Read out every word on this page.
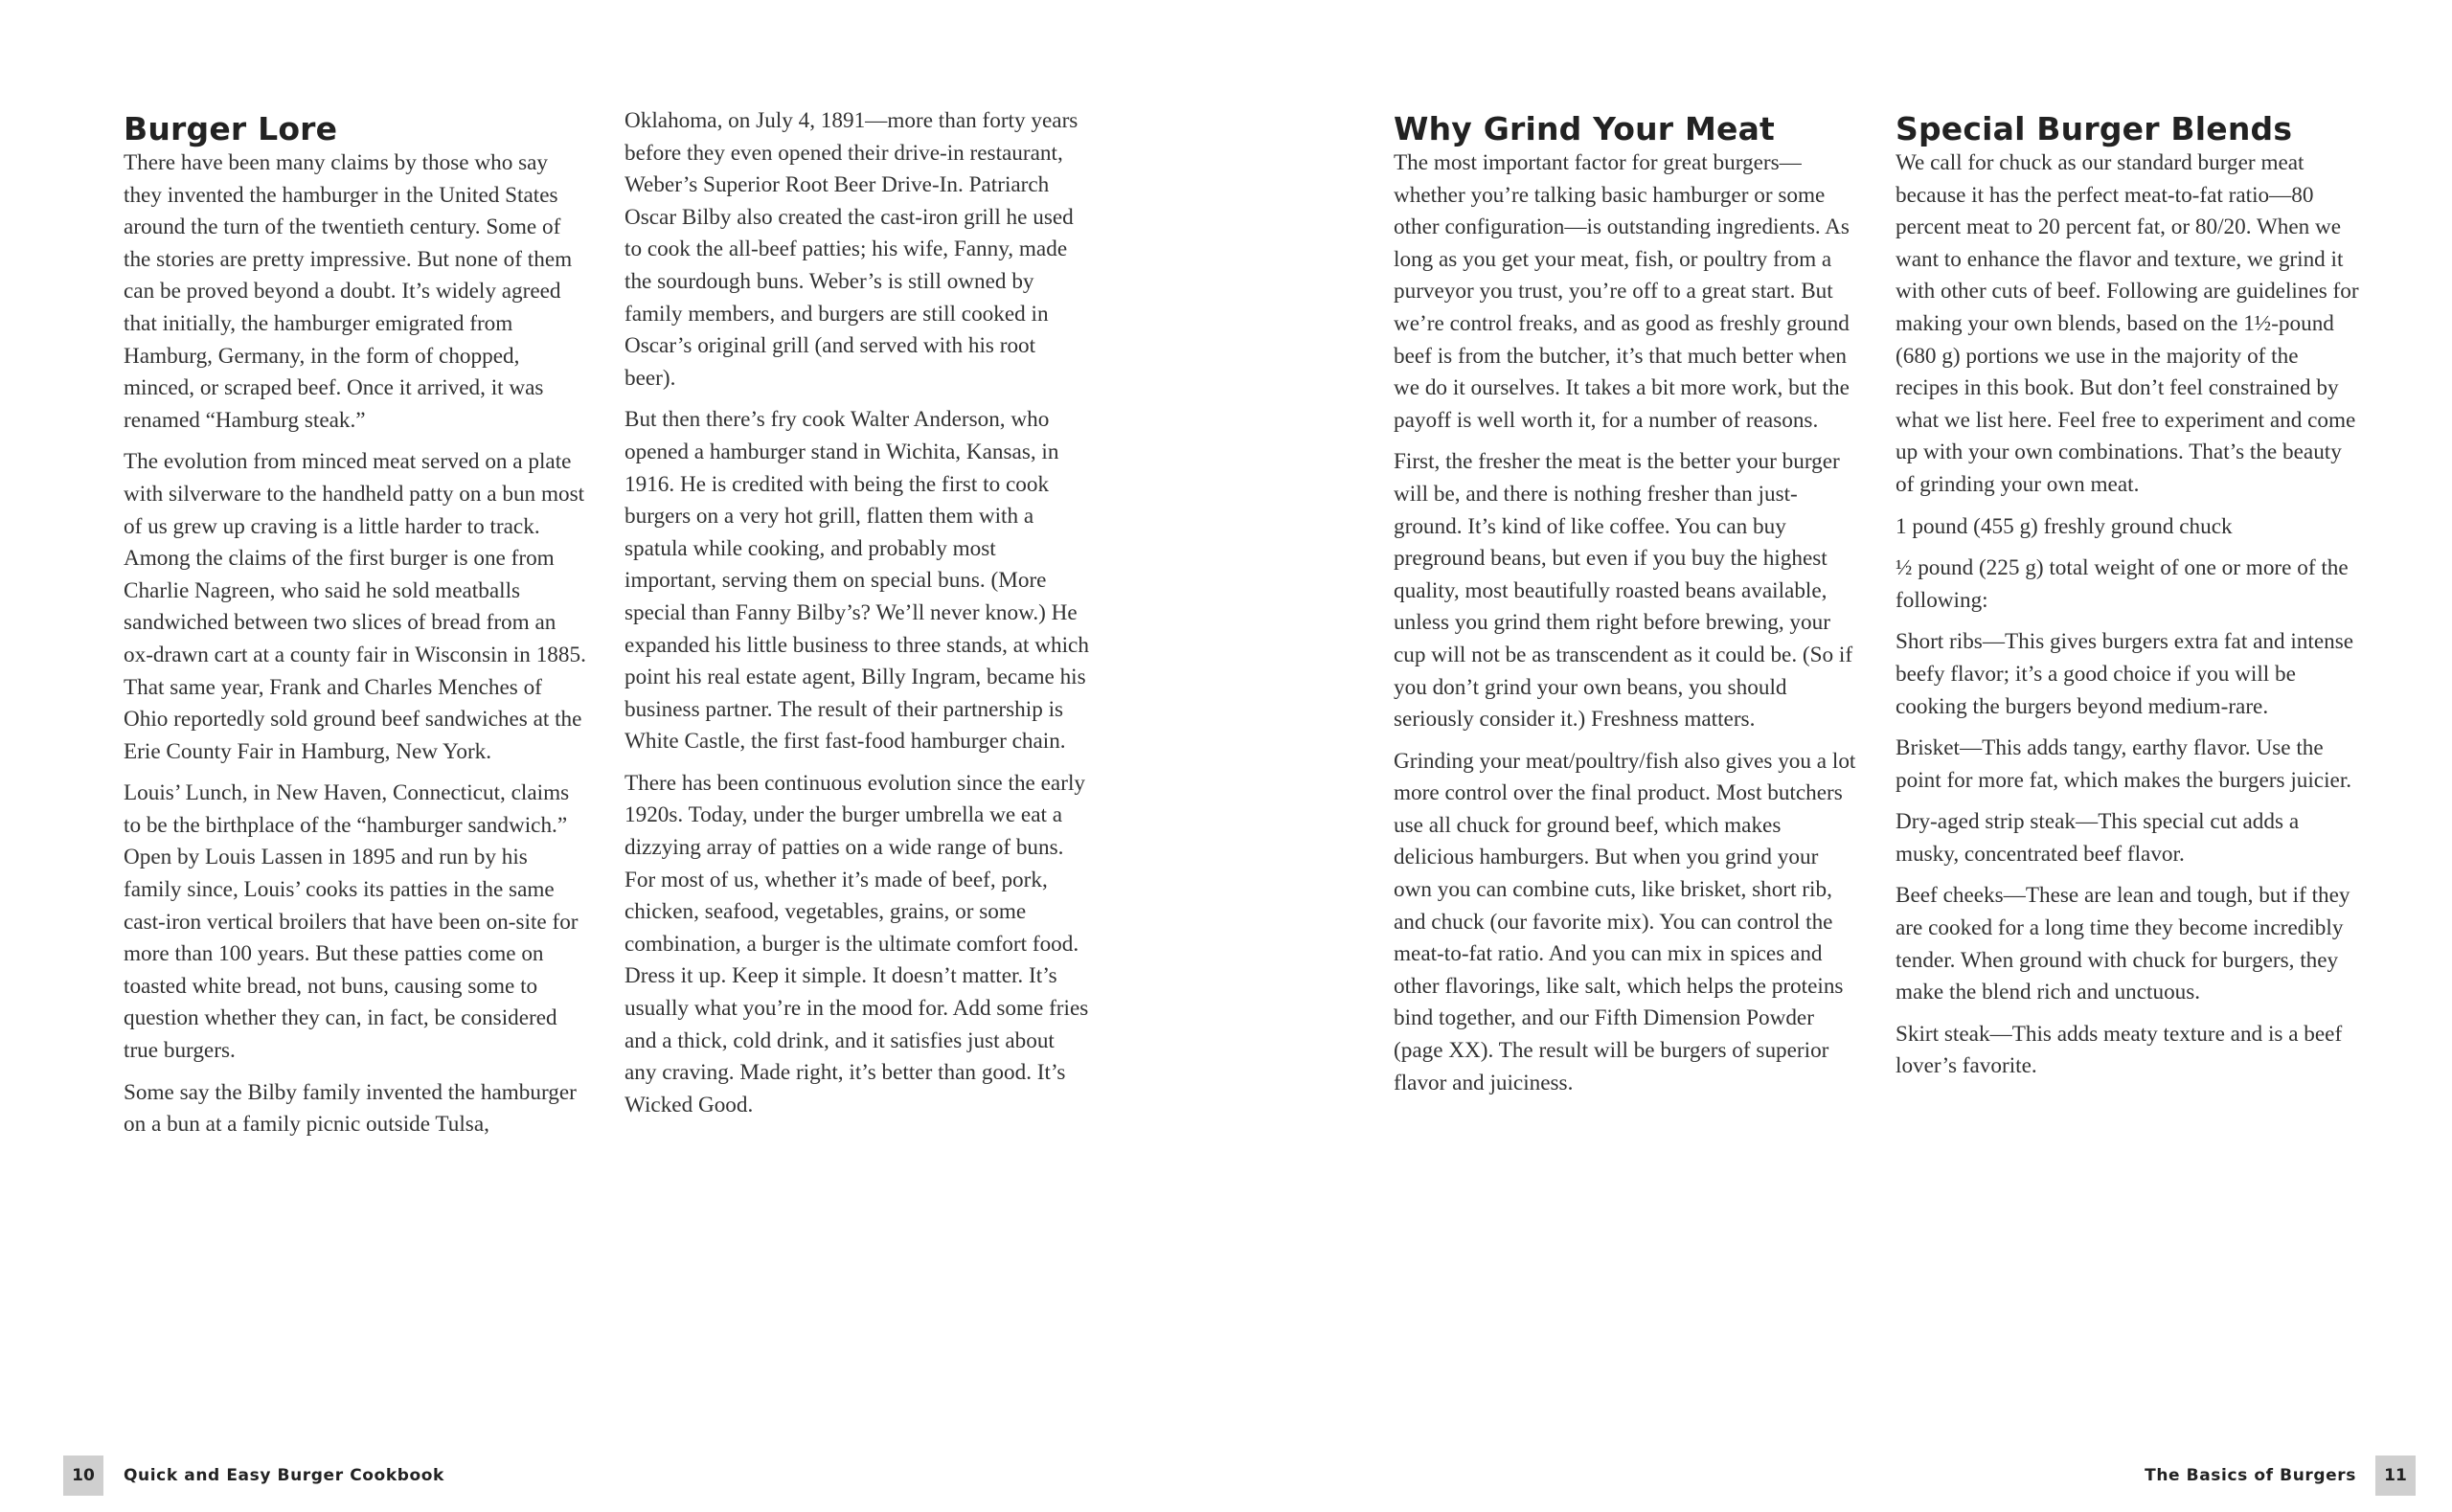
Burger Lore

There have been many claims by those who say they invented the hamburger in the United States around the turn of the twentieth century. Some of the stories are pretty impressive. But none of them can be proved beyond a doubt. It’s widely agreed that initially, the hamburger emigrated from Hamburg, Germany, in the form of chopped, minced, or scraped beef. Once it arrived, it was renamed “Hamburg steak.”

The evolution from minced meat served on a plate with silverware to the handheld patty on a bun most of us grew up craving is a little harder to track. Among the claims of the first burger is one from Charlie Nagreen, who said he sold meatballs sandwiched between two slices of bread from an ox-drawn cart at a county fair in Wisconsin in 1885. That same year, Frank and Charles Menches of Ohio reportedly sold ground beef sandwiches at the Erie County Fair in Hamburg, New York.

Louis’ Lunch, in New Haven, Connecticut, claims to be the birthplace of the “hamburger sandwich.” Open by Louis Lassen in 1895 and run by his family since, Louis’ cooks its patties in the same cast-iron vertical broilers that have been on-site for more than 100 years. But these patties come on toasted white bread, not buns, causing some to question whether they can, in fact, be considered true burgers.

Some say the Bilby family invented the hamburger on a bun at a family picnic outside Tulsa,

Oklahoma, on July 4, 1891—more than forty years before they even opened their drive-in restaurant, Weber’s Superior Root Beer Drive-In. Patriarch Oscar Bilby also created the cast-iron grill he used to cook the all-beef patties; his wife, Fanny, made the sourdough buns. Weber’s is still owned by family members, and burgers are still cooked in Oscar’s original grill (and served with his root beer).

But then there’s fry cook Walter Anderson, who opened a hamburger stand in Wichita, Kansas, in 1916. He is credited with being the first to cook burgers on a very hot grill, flatten them with a spatula while cooking, and probably most important, serving them on special buns. (More special than Fanny Bilby’s? We’ll never know.) He expanded his little business to three stands, at which point his real estate agent, Billy Ingram, became his business partner. The result of their partnership is White Castle, the first fast-food hamburger chain.

There has been continuous evolution since the early 1920s. Today, under the burger umbrella we eat a dizzying array of patties on a wide range of buns. For most of us, whether it’s made of beef, pork, chicken, seafood, vegetables, grains, or some combination, a burger is the ultimate comfort food. Dress it up. Keep it simple. It doesn’t matter. It’s usually what you’re in the mood for. Add some fries and a thick, cold drink, and it satisfies just about any craving. Made right, it’s better than good. It’s Wicked Good.

Why Grind Your Meat

The most important factor for great burgers—whether you’re talking basic hamburger or some other configuration—is outstanding ingredients. As long as you get your meat, fish, or poultry from a purveyor you trust, you’re off to a great start. But we’re control freaks, and as good as freshly ground beef is from the butcher, it’s that much better when we do it ourselves. It takes a bit more work, but the payoff is well worth it, for a number of reasons.

First, the fresher the meat is the better your burger will be, and there is nothing fresher than just-ground. It’s kind of like coffee. You can buy preground beans, but even if you buy the highest quality, most beautifully roasted beans available, unless you grind them right before brewing, your cup will not be as transcendent as it could be. (So if you don’t grind your own beans, you should seriously consider it.) Freshness matters.

Grinding your meat/poultry/fish also gives you a lot more control over the final product. Most butchers use all chuck for ground beef, which makes delicious hamburgers. But when you grind your own you can combine cuts, like brisket, short rib, and chuck (our favorite mix). You can control the meat-to-fat ratio. And you can mix in spices and other flavorings, like salt, which helps the proteins bind together, and our Fifth Dimension Powder (page XX). The result will be burgers of superior flavor and juiciness.

Special Burger Blends

We call for chuck as our standard burger meat because it has the perfect meat-to-fat ratio—80 percent meat to 20 percent fat, or 80/20. When we want to enhance the flavor and texture, we grind it with other cuts of beef. Following are guidelines for making your own blends, based on the 1½-pound (680 g) portions we use in the majority of the recipes in this book. But don’t feel constrained by what we list here. Feel free to experiment and come up with your own combinations. That’s the beauty of grinding your own meat.

1 pound (455 g) freshly ground chuck

½ pound (225 g) total weight of one or more of the following:

Short ribs—This gives burgers extra fat and intense beefy flavor; it’s a good choice if you will be cooking the burgers beyond medium-rare.

Brisket—This adds tangy, earthy flavor. Use the point for more fat, which makes the burgers juicier.

Dry-aged strip steak—This special cut adds a musky, concentrated beef flavor.

Beef cheeks—These are lean and tough, but if they are cooked for a long time they become incredibly tender. When ground with chuck for burgers, they make the blend rich and unctuous.

Skirt steak—This adds meaty texture and is a beef lover’s favorite.

10	Quick and Easy Burger Cookbook	The Basics of Burgers	11
